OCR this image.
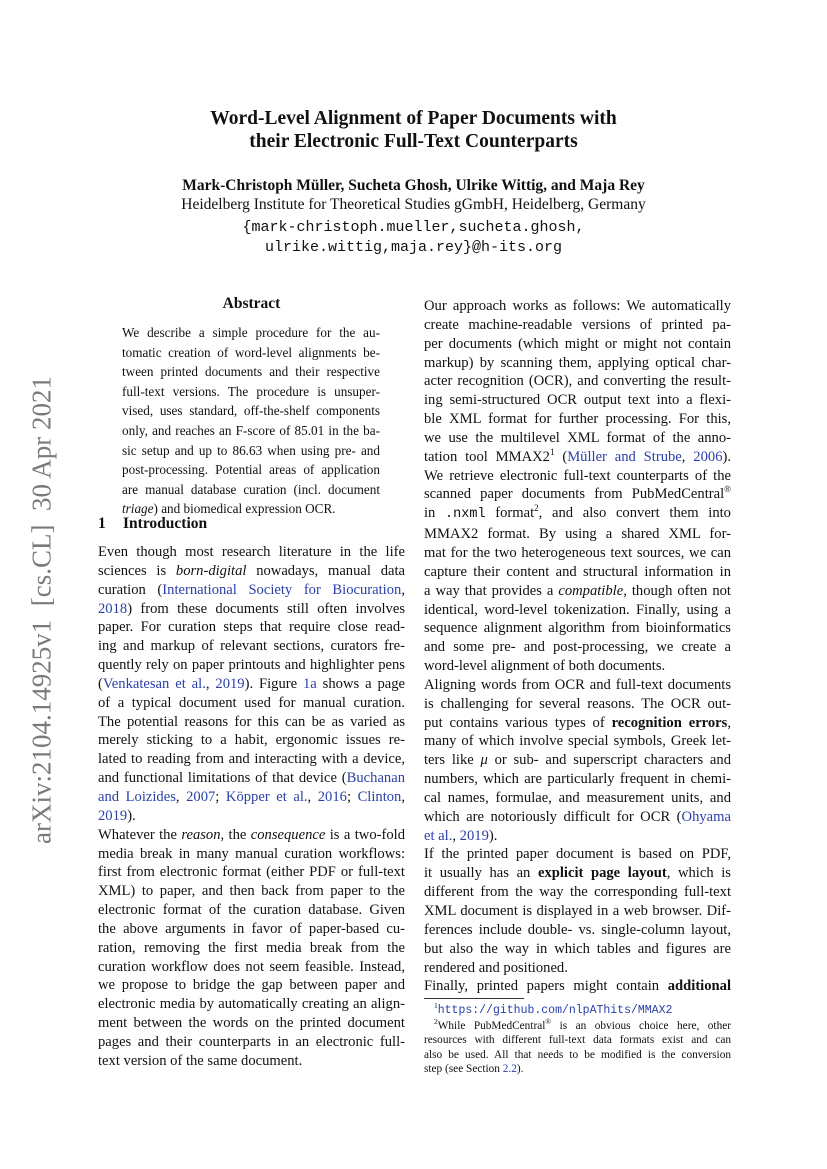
arXiv:2104.14925v1  [cs.CL]  30 Apr 2021
Word-Level Alignment of Paper Documents with
their Electronic Full-Text Counterparts
Mark-Christoph Müller, Sucheta Ghosh, Ulrike Wittig, and Maja Rey
Heidelberg Institute for Theoretical Studies gGmbH, Heidelberg, Germany
{mark-christoph.mueller,sucheta.ghosh,
ulrike.wittig,maja.rey}@h-its.org
Abstract
We describe a simple procedure for the au-
tomatic creation of word-level alignments be-
tween printed documents and their respective
full-text versions. The procedure is unsuper-
vised, uses standard, off-the-shelf components
only, and reaches an F-score of 85.01 in the ba-
sic setup and up to 86.63 when using pre- and
post-processing. Potential areas of application
are manual database curation (incl. document
triage) and biomedical expression OCR.
1 Introduction
Even though most research literature in the life
sciences is born-digital nowadays, manual data
curation (International Society for Biocuration,
2018) from these documents still often involves
paper. For curation steps that require close read-
ing and markup of relevant sections, curators fre-
quently rely on paper printouts and highlighter pens
(Venkatesan et al., 2019). Figure 1a shows a page
of a typical document used for manual curation.
The potential reasons for this can be as varied as
merely sticking to a habit, ergonomic issues re-
lated to reading from and interacting with a device,
and functional limitations of that device (Buchanan
and Loizides, 2007; Köpper et al., 2016; Clinton,
2019).
Whatever the reason, the consequence is a two-fold
media break in many manual curation workflows:
first from electronic format (either PDF or full-text
XML) to paper, and then back from paper to the
electronic format of the curation database. Given
the above arguments in favor of paper-based cu-
ration, removing the first media break from the
curation workflow does not seem feasible. Instead,
we propose to bridge the gap between paper and
electronic media by automatically creating an align-
ment between the words on the printed document
pages and their counterparts in an electronic full-
text version of the same document.
Our approach works as follows: We automatically
create machine-readable versions of printed pa-
per documents (which might or might not contain
markup) by scanning them, applying optical char-
acter recognition (OCR), and converting the result-
ing semi-structured OCR output text into a flexi-
ble XML format for further processing. For this,
we use the multilevel XML format of the anno-
tation tool $MMAX2^1$ (Müller and Strube, 2006).
We retrieve electronic full-text counterparts of the
scanned paper documents from PubMedCentral®
in .nxml format$^2$, and also convert them into
MMAX2 format. By using a shared XML for-
mat for the two heterogeneous text sources, we can
capture their content and structural information in
a way that provides a compatible, though often not
identical, word-level tokenization. Finally, using a
sequence alignment algorithm from bioinformatics
and some pre- and post-processing, we create a
word-level alignment of both documents.
Aligning words from OCR and full-text documents
is challenging for several reasons. The OCR out-
put contains various types of recognition errors,
many of which involve special symbols, Greek let-
ters like μ or sub- and superscript characters and
numbers, which are particularly frequent in chemi-
cal names, formulae, and measurement units, and
which are notoriously difficult for OCR (Ohyama
et al., 2019).
If the printed paper document is based on PDF,
it usually has an explicit page layout, which is
different from the way the corresponding full-text
XML document is displayed in a web browser. Dif-
ferences include double- vs. single-column layout,
but also the way in which tables and figures are
rendered and positioned.
Finally, printed papers might contain additional
$^1$https://github.com/nlpAThits/MMAX2
$^2$While PubMedCentral® is an obvious choice here, other
resources with different full-text data formats exist and can
also be used. All that needs to be modified is the conversion
step (see Section 2.2).
